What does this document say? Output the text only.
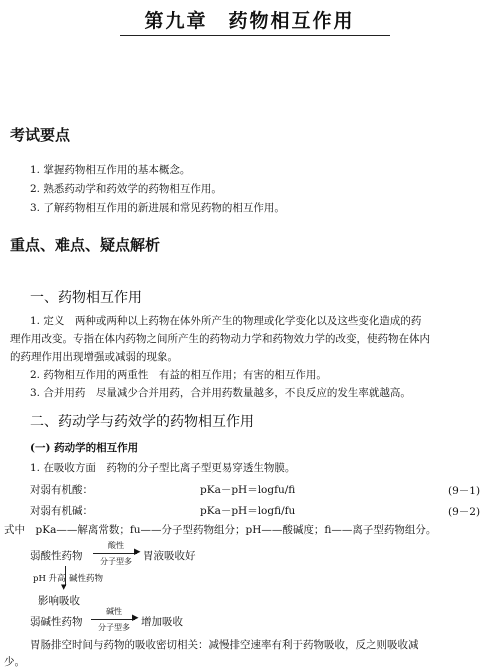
第九章　药物相互作用
考试要点
1. 掌握药物相互作用的基本概念。
2. 熟悉药动学和药效学的药物相互作用。
3. 了解药物相互作用的新进展和常见药物的相互作用。
重点、难点、疑点解析
一、药物相互作用
1. 定义　两种或两种以上药物在体外所产生的物理或化学变化以及这些变化造成的药
理作用改变。专指在体内药物之间所产生的药物动力学和药物效力学的改变，使药物在体内
的药理作用出现增强或减弱的现象。
2. 药物相互作用的两重性　有益的相互作用；有害的相互作用。
3. 合并用药　尽量减少合并用药，合并用药数量越多，不良反应的发生率就越高。
二、药动学与药效学的药物相互作用
(一) 药动学的相互作用
1. 在吸收方面　药物的分子型比离子型更易穿透生物膜。
对弱有机酸：	pKa－pH＝logfu/fi	(9－1)
对弱有机碱：	pKa－pH＝logfi/fu	(9－2)
式中　pKa——解离常数；fu——分子型药物组分；pH——酸碱度；fi——离子型药物组分。
弱酸性药物
酸性
▶
分子型多	胃液吸收好
pH 升高
▼
碱性药物
影响吸收
弱碱性药物
碱性
▶
分子型多	增加吸收
胃肠排空时间与药物的吸收密切相关：减慢排空速率有利于药物吸收，反之则吸收减
少。
